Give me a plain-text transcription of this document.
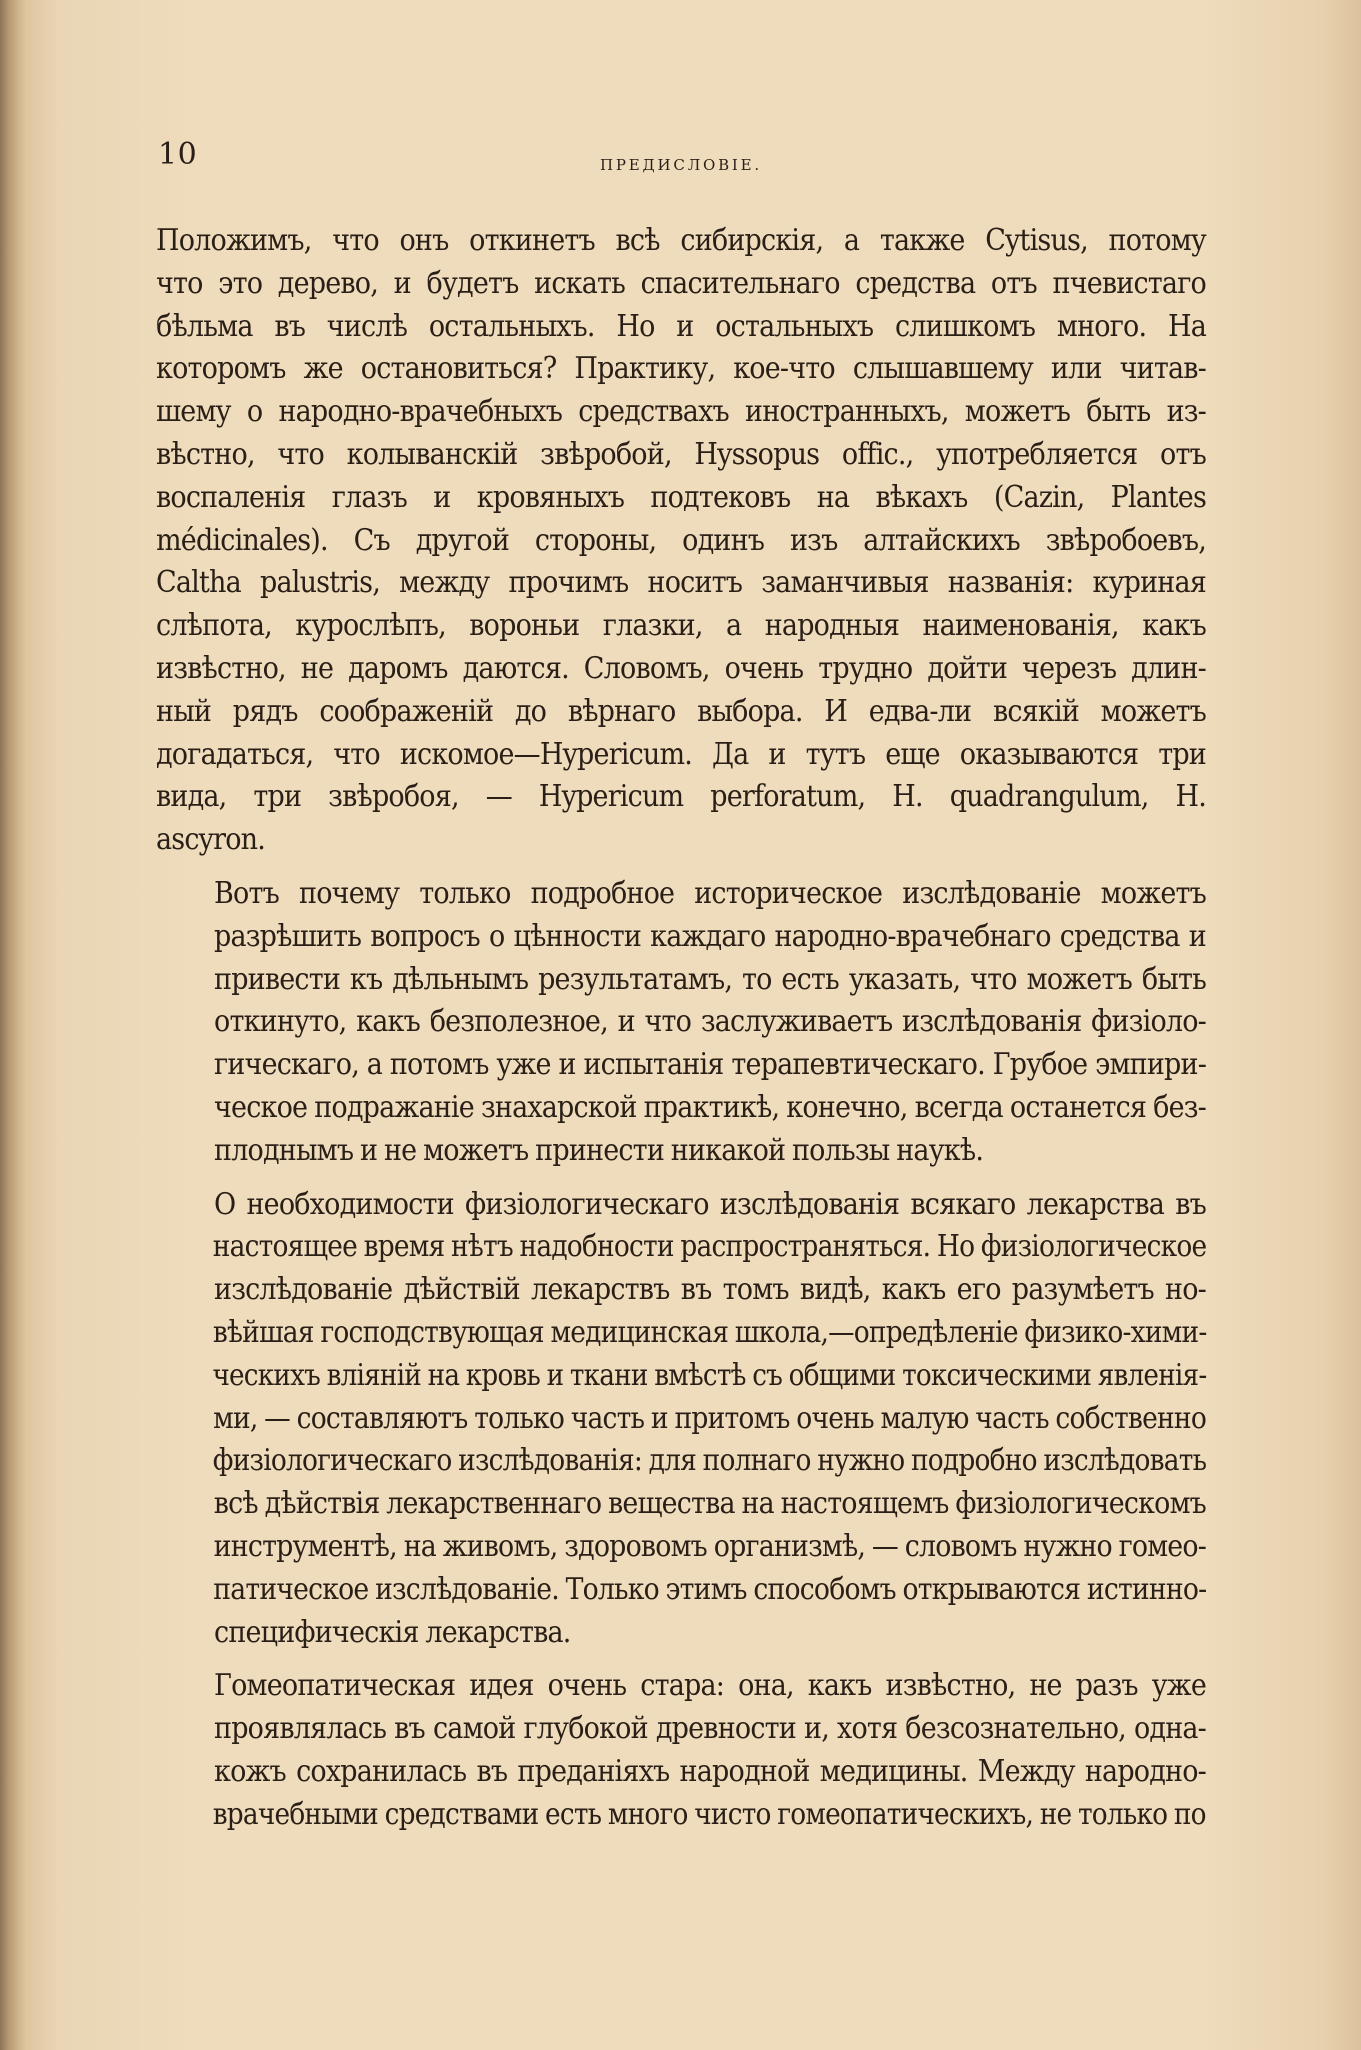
10	ПРЕДИСЛОВІЕ.

Положимъ, что онъ откинетъ всѣ сибирскія, а также Cytisus, потому
что это дерево, и будетъ искать спасительнаго средства отъ пчевистаго
бѣльма въ числѣ остальныхъ. Но и остальныхъ слишкомъ много. На
которомъ же остановиться? Практику, кое-что слышавшему или читав-
шему о народно-врачебныхъ средствахъ иностранныхъ, можетъ быть из-
вѣстно, что колыванскій звѣробой, Hyssopus offic., употребляется отъ
воспаленія глазъ и кровяныхъ подтековъ на вѣкахъ (Cazin, Plantes
médicinales). Съ другой стороны, одинъ изъ алтайскихъ звѣробоевъ,
Caltha palustris, между прочимъ носитъ заманчивыя названія: куриная
слѣпота, курослѣпъ, вороньи глазки, а народныя наименованія, какъ
извѣстно, не даромъ даются. Словомъ, очень трудно дойти черезъ длин-
ный рядъ соображеній до вѣрнаго выбора. И едва-ли всякій можетъ
догадаться, что искомое—Hypericum. Да и тутъ еще оказываются три
вида, три звѣробоя, — Hypericum perforatum, H. quadrangulum, H.
ascyron.

Вотъ почему только подробное историческое изслѣдованіе можетъ
разрѣшить вопросъ о цѣнности каждаго народно-врачебнаго средства и
привести къ дѣльнымъ результатамъ, то есть указать, что можетъ быть
откинуто, какъ безполезное, и что заслуживаетъ изслѣдованія физіоло-
гическаго, а потомъ уже и испытанія терапевтическаго. Грубое эмпири-
ческое подражаніе знахарской практикѣ, конечно, всегда останется без-
плоднымъ и не можетъ принести никакой пользы наукѣ.

О необходимости физіологическаго изслѣдованія всякаго лекарства въ
настоящее время нѣтъ надобности распространяться. Но физіологическое
изслѣдованіе дѣйствій лекарствъ въ томъ видѣ, какъ его разумѣетъ но-
вѣйшая господствующая медицинская школа,—опредѣленіе физико-хими-
ческихъ вліяній на кровь и ткани вмѣстѣ съ общими токсическими явленія-
ми, — составляютъ только часть и притомъ очень малую часть собственно
физіологическаго изслѣдованія: для полнаго нужно подробно изслѣдовать
всѣ дѣйствія лекарственнаго вещества на настоящемъ физіологическомъ
инструментѣ, на живомъ, здоровомъ организмѣ, — словомъ нужно гомео-
патическое изслѣдованіе. Только этимъ способомъ открываются истинно-
специфическія лекарства.

Гомеопатическая идея очень стара: она, какъ извѣстно, не разъ уже
проявлялась въ самой глубокой древности и, хотя безсознательно, одна-
кожъ сохранилась въ преданіяхъ народной медицины. Между народно-
врачебными средствами есть много чисто гомеопатическихъ, не только по
